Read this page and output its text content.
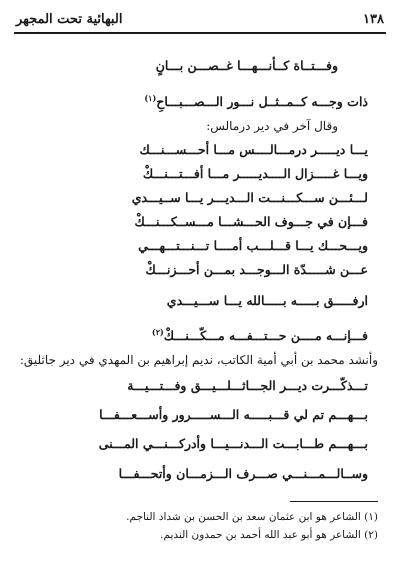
١٣٨
البهائية تحت المجهر
وفـــتــاة كــأنـــهـــا غــصـــن بـــانٍ
ذات وجـــه كــمــثــل نـــور الـــصـــبـــاحِ$^{(١)}$
وقال آخر في دير درمالس:
يـــا ديـــــر درمـــالــــس مـــا أحـــســـنـــك
ويـــا غـــــزال الــــديـــــر مـــا أفـــتـــنـــكْ
لـــئـــن ســـكـــنـــت الـــديـــر يـــا ســيـــدي
فـــإن في جـــوف الحـــشـــا مـــســكـــنـــكْ
ويـــحـــك يـــا قـــلـــب أمــــا تـــنـــتـــهـــي
عـــن شـــــدّة الـــوجـــد بمـــن أحـــزنـــكْ
ارفـــــق بـــــه بـــــالله يـــا ســـيـــدي
فـــإنـــه مــــن حـــتـــفـــه مـــكّـــنـــكْ$^{(٢)}$
وأنشد محمد بن أبي أمية الكاتب، نديم إبراهيم بن المهدي في دير جاثليق:
تـــذكّـــرت ديـــر الجـــاثـــلـــيـــق وفـــتـــيـــة
بـــهـــم تم لي قـــبـــــه الـــســـــرور وأســـعـــفـــا
بـــهـــم طـــابـــت الـــدنـــيـــا وأدركـــنـــي المـــنى
وســالـــمـــنـــي صـــرف الـــزمـــان وأتحـــفـــا
(١) الشاعر هو ابن عثمان سعد بن الحسن بن شداد الناجم.
(٢) الشاعر هو أبو عبد الله أحمد بن حمدون النديم.
